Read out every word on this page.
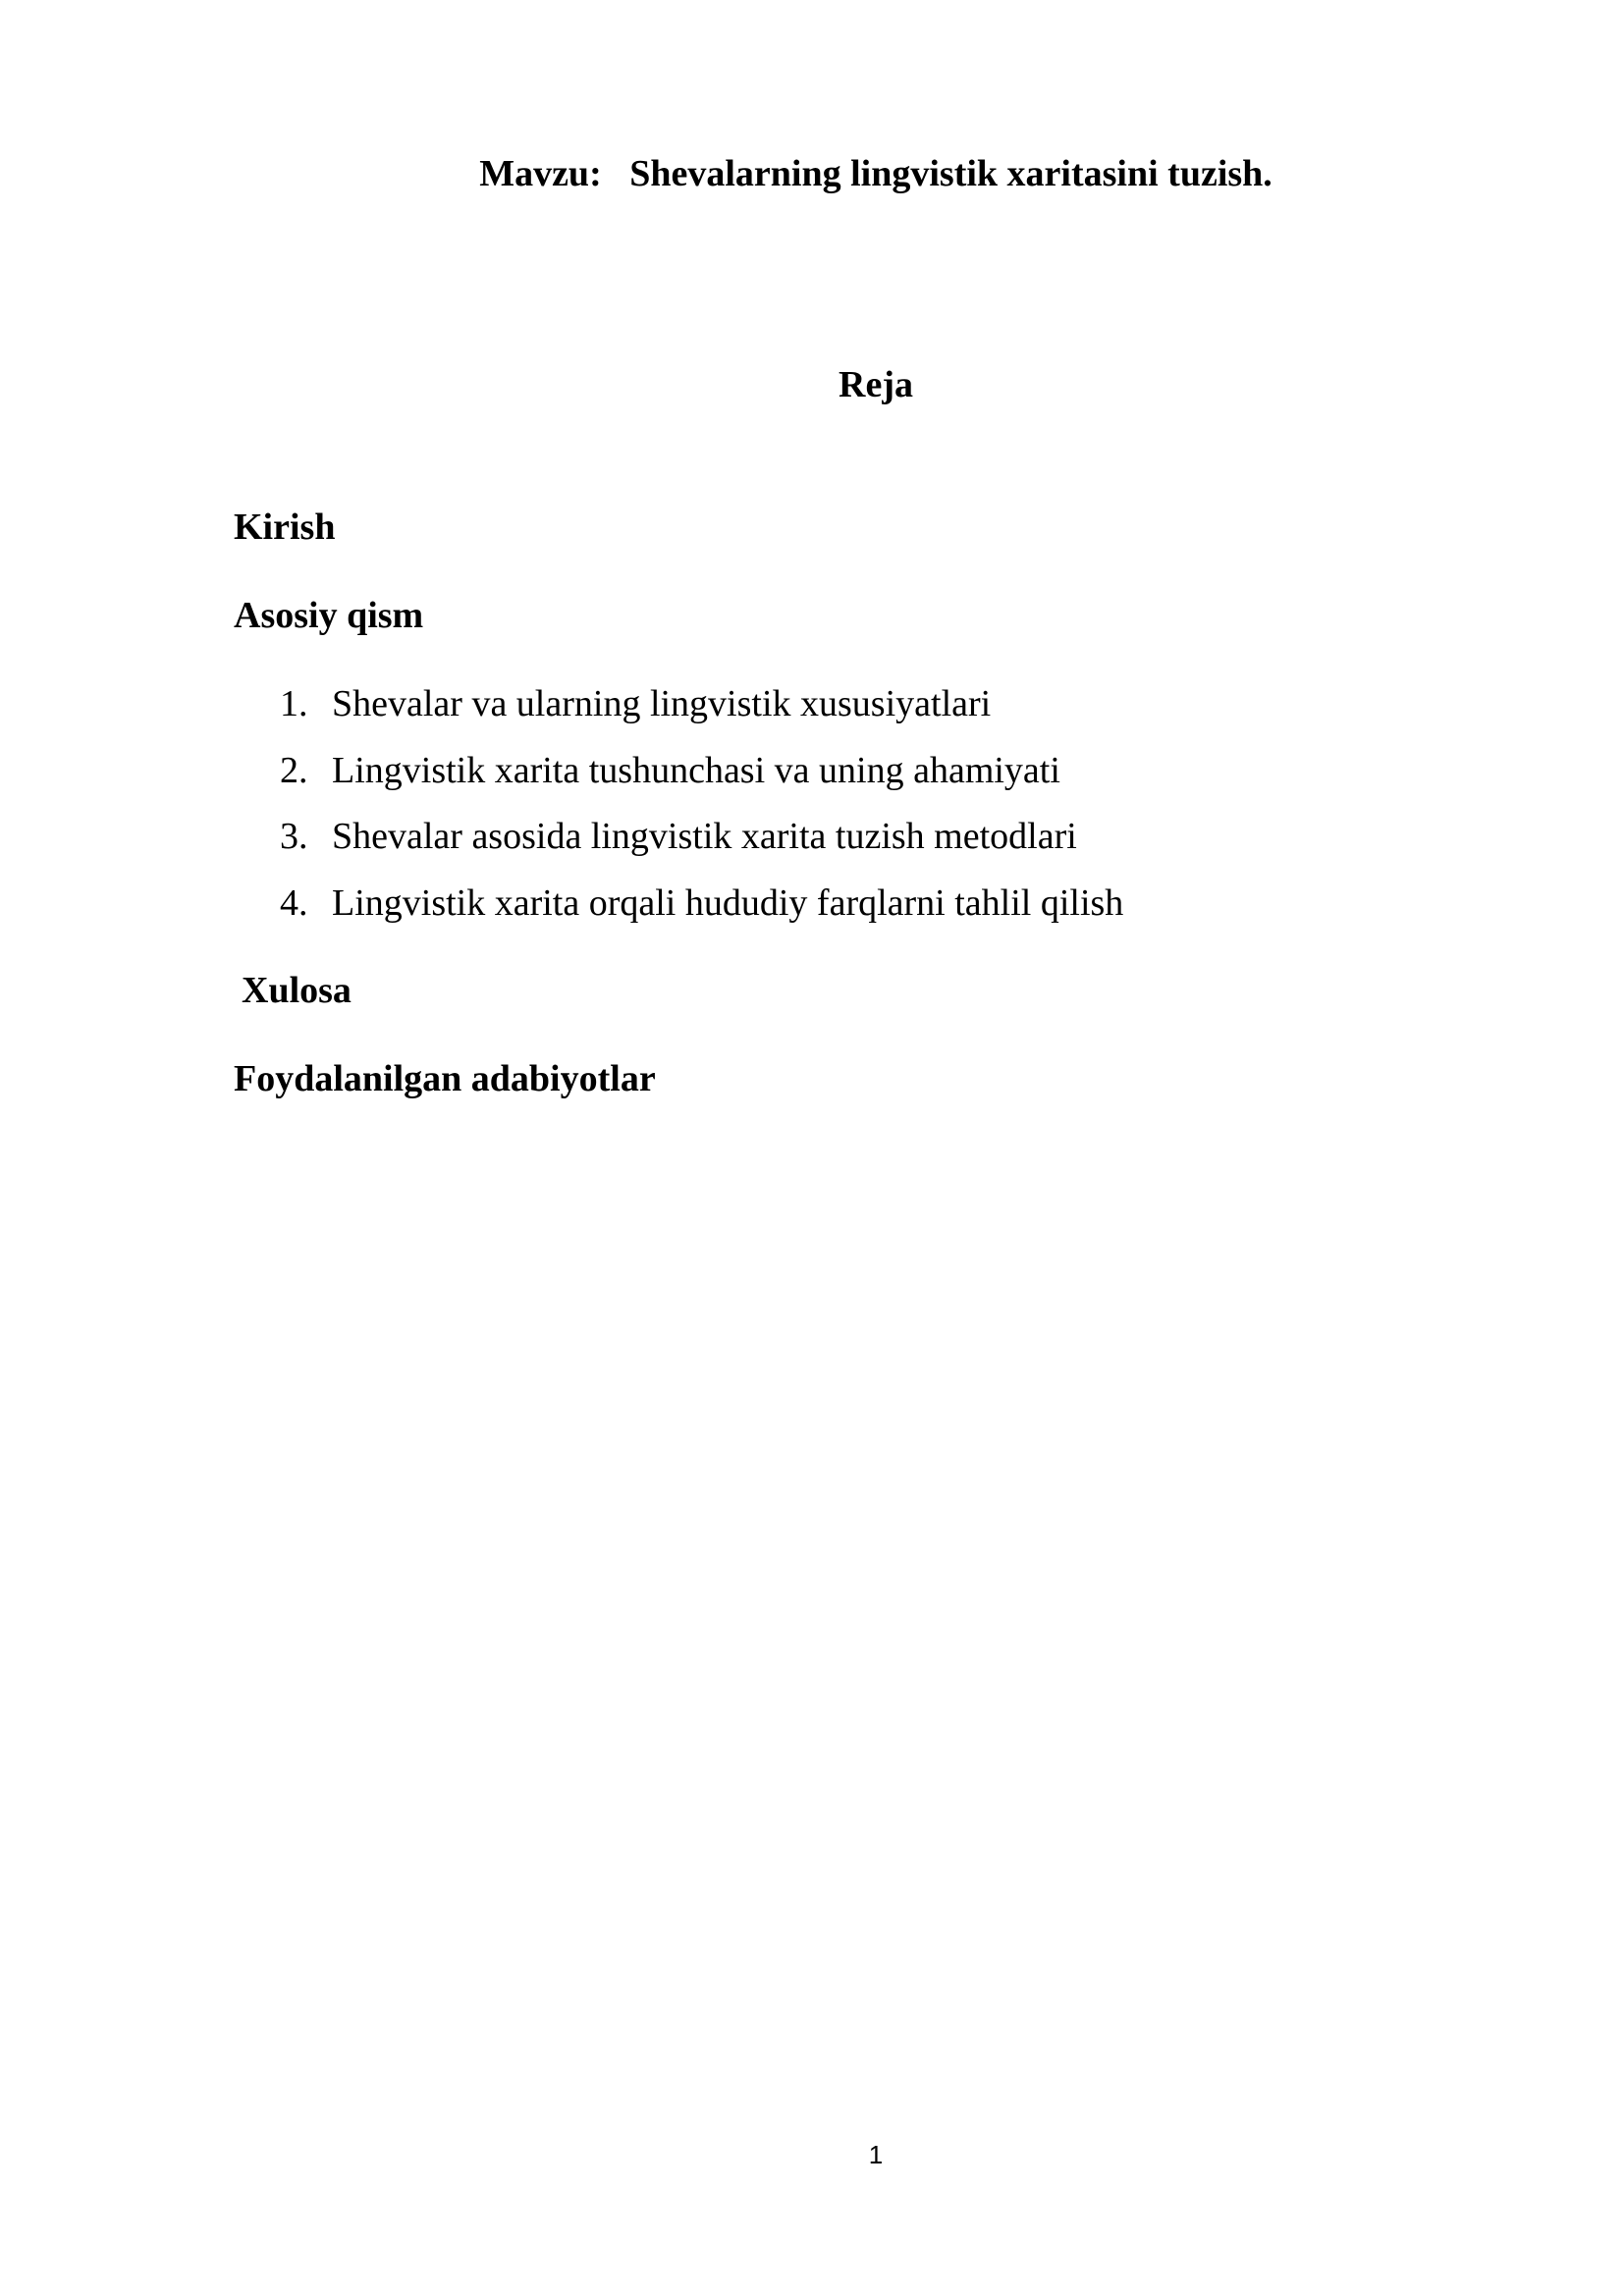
Mavzu:   Shevalarning lingvistik xaritasini tuzish.
Reja
Kirish
Asosiy qism
1. Shevalar va ularning lingvistik xususiyatlari
2. Lingvistik xarita tushunchasi va uning ahamiyati
3. Shevalar asosida lingvistik xarita tuzish metodlari
4. Lingvistik xarita orqali hududiy farqlarni tahlil qilish
Xulosa
Foydalanilgan adabiyotlar
1
